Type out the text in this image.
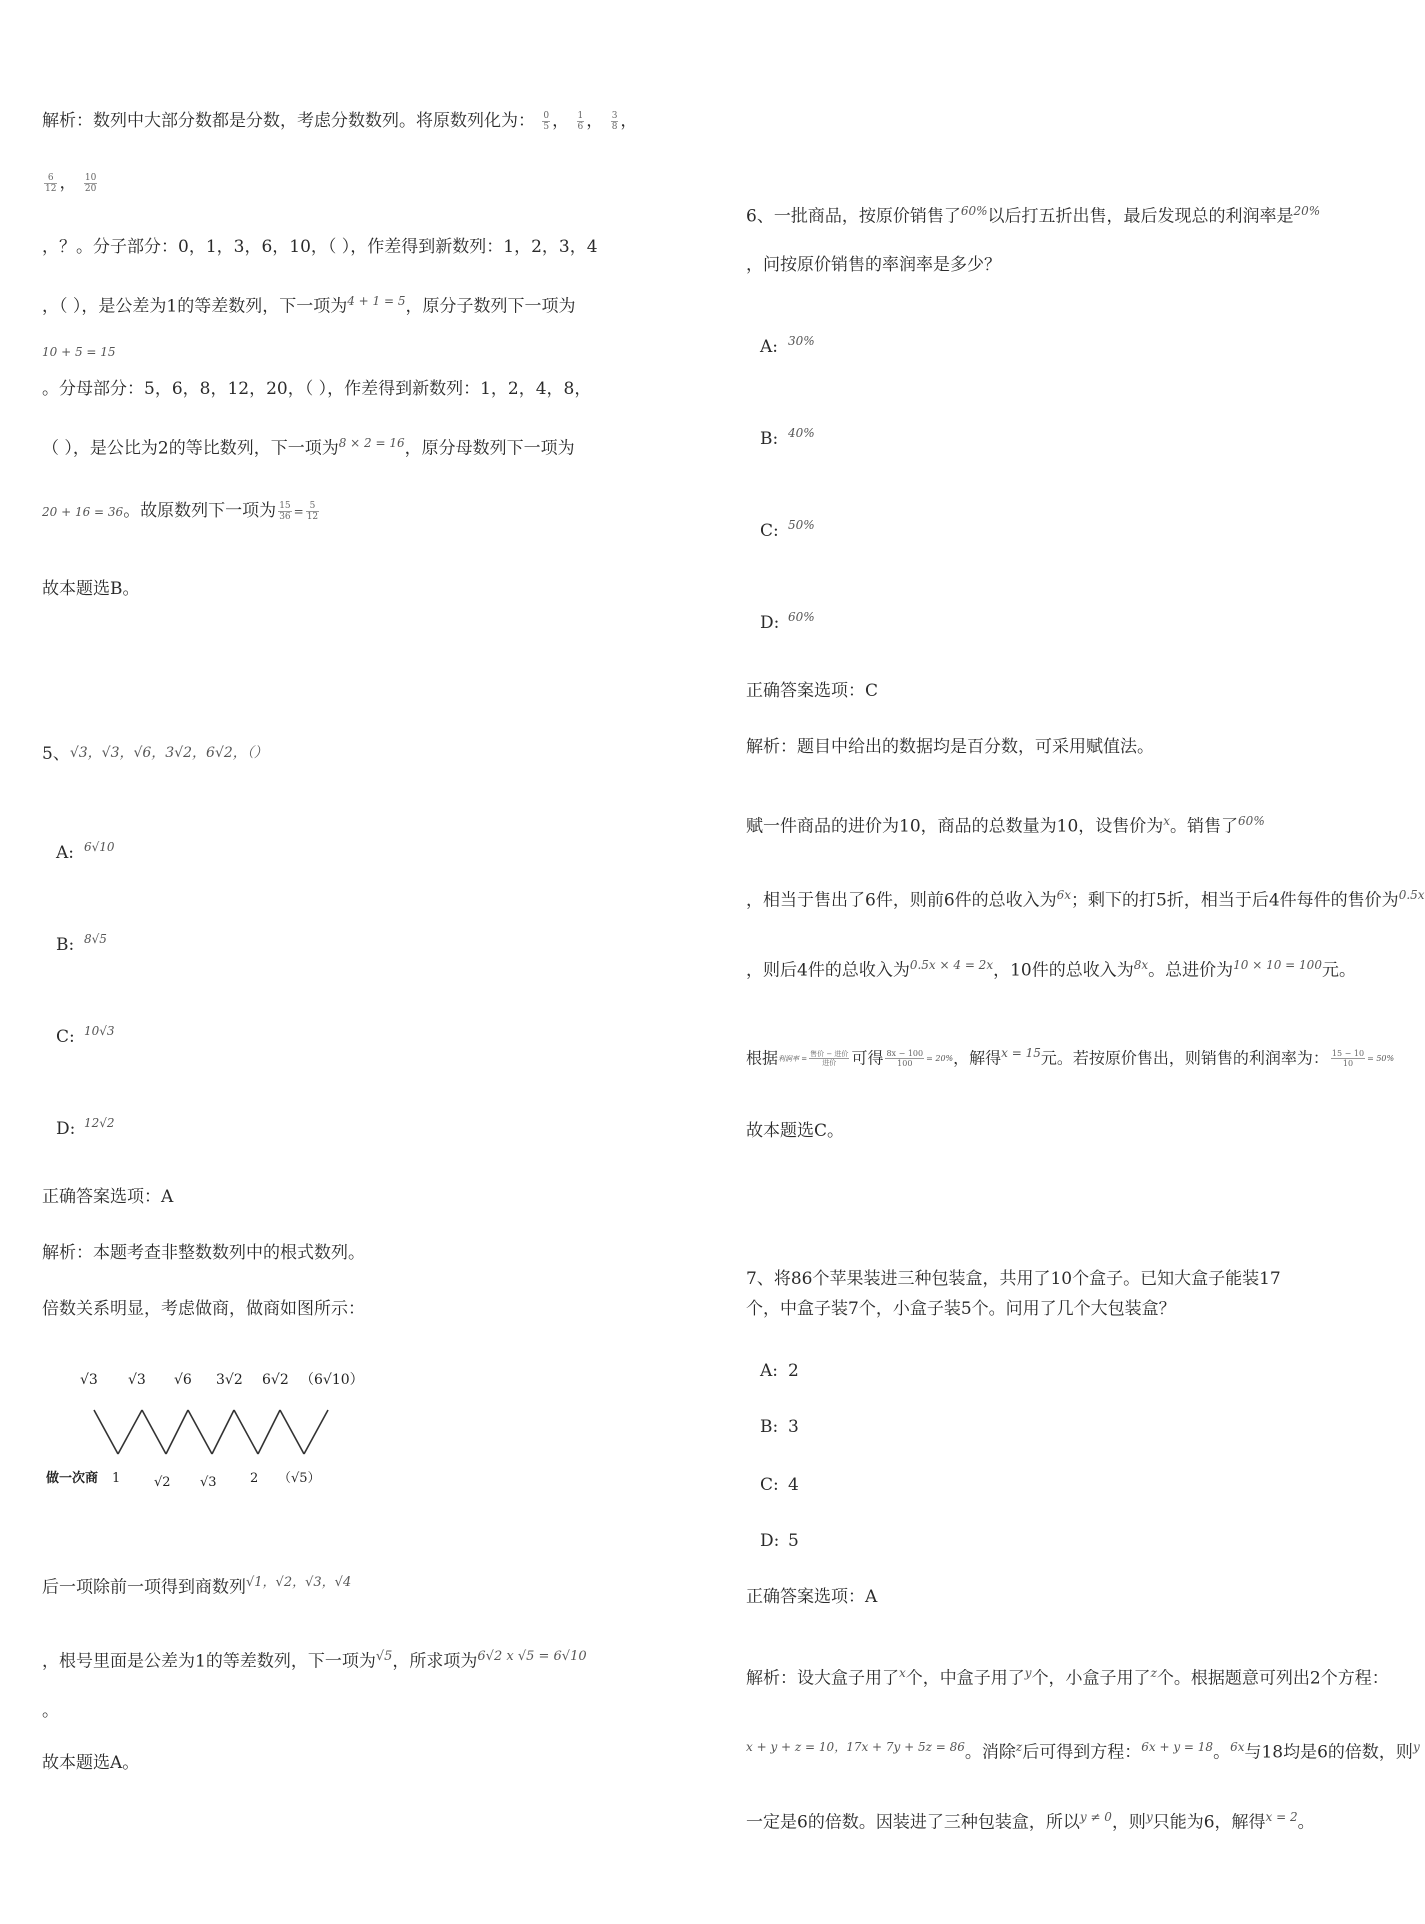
解析：数列中大部分数都是分数，考虑分数数列。将原数列化为： $\frac{0}{5}$ ， $\frac{1}{6}$ ， $\frac{3}{8}$ ，
$\frac{6}{12}$ ， $\frac{10}{20}$
，？。分子部分：0，1，3，6，10，（ ），作差得到新数列：1，2，3，4
，（ ），是公差为1的等差数列，下一项为$^{4 + 1 = 5}$，原分子数列下一项为
10 + 5 = 15
。分母部分：5，6，8，12，20，（ ），作差得到新数列：1，2，4，8，
（ ），是公比为2的等比数列，下一项为$^{8 \times 2 = 16}$，原分母数列下一项为
20 + 16 = 36。故原数列下一项为 $\frac{15}{36} = \frac{5}{12}$
故本题选B。
5、√3，√3，√6，3√2，6√2，（）
A: $^{6√10}$
B: $^{8√5}$
C: $^{10√3}$
D: $^{12√2}$
正确答案选项：A
解析：本题考查非整数数列中的根式数列。
倍数关系明显，考虑做商，做商如图所示：
√3 √3 √6 3√2 6√2 （6√10）
做一次商 1	√2 √3	2 （√5）
后一项除前一项得到商数列$^{√1,√2,√3,√4}$
，根号里面是公差为1的等差数列，下一项为$^{√5}$，所求项为$^{6√2 x √5 = 6√10}$
。
故本题选A。
6、一批商品，按原价销售了$^{60\%}$以后打五折出售，最后发现总的利润率是$^{20\%}$
，问按原价销售的率润率是多少？
A: $^{30\%}$
B: $^{40\%}$
C: $^{50\%}$
D: $^{60\%}$
正确答案选项：C
解析：题目中给出的数据均是百分数，可采用赋值法。
赋一件商品的进价为10，商品的总数量为10，设售价为$^x$。销售了$^{60\%}$
，相当于售出了6件，则前6件的总收入为$^{6x}$；剩下的打5折，相当于后4件每件的售价为$^{0.5x}$
，则后4件的总收入为$^{0.5x \times 4 = 2x}$，10件的总收入为$^{8x}$。总进价为$^{10 \times 10 = 100}$元。
根据利润率 = $\frac{\text{售价 − 进价}}{\text{进价}}$ 可得 $\frac{8x - 100}{100} = 20\%$，解得$^{x = 15}$元。若按原价售出，则销售的利润率为： $\frac{15 - 10}{10} = 50\%$
故本题选C。
7、将86个苹果装进三种包装盒，共用了10个盒子。已知大盒子能装17个，中盒子装7个，小盒子装5个。问用了几个大包装盒？
A: 2
B: 3
C: 4
D: 5
正确答案选项：A
解析：设大盒子用了$^x$个，中盒子用了$^y$个，小盒子用了$^z$个。根据题意可列出2个方程：
$^{x + y + z = 10,17x + 7y + 5z = 86}$。消除$^z$后可得到方程：$^{6x + y = 18}$。$^{6x}$与18均是6的倍数，则$^y$
一定是6的倍数。因装进了三种包装盒，所以$^{y \ne 0}$，则$^y$只能为6，解得$^{x = 2}$。
